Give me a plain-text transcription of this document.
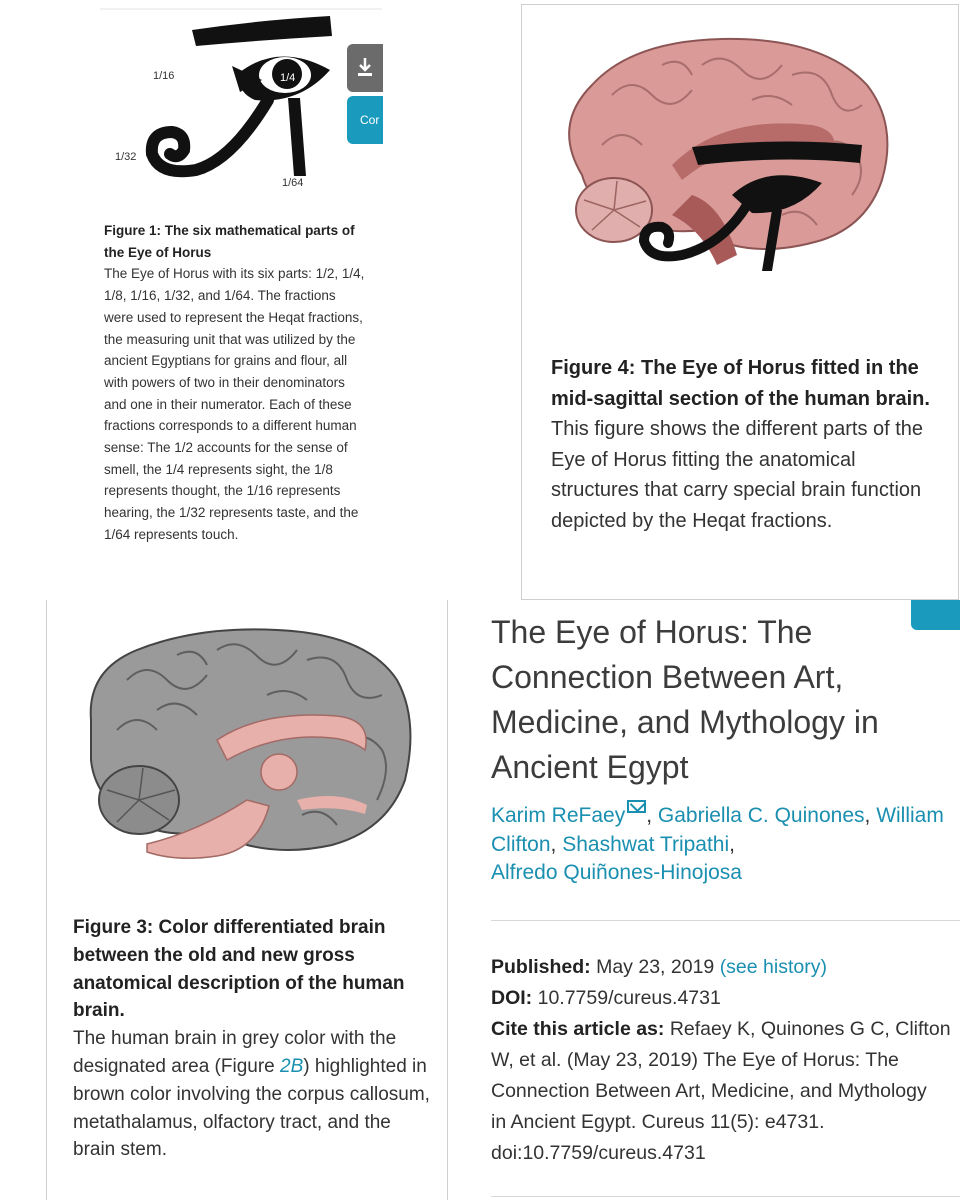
1/16	1/4
1/32
1/64
Cor
Figure 1: The six mathematical parts of the Eye of Horus
The Eye of Horus with its six parts: 1/2, 1/4, 1/8, 1/16, 1/32, and 1/64. The fractions were used to represent the Heqat fractions, the measuring unit that was utilized by the ancient Egyptians for grains and flour, all with powers of two in their denominators and one in their numerator. Each of these fractions corresponds to a different human sense: The 1/2 accounts for the sense of smell, the 1/4 represents sight, the 1/8 represents thought, the 1/16 represents hearing, the 1/32 represents taste, and the 1/64 represents touch.
Figure 4: The Eye of Horus fitted in the mid-sagittal section of the human brain.
This figure shows the different parts of the Eye of Horus fitting the anatomical structures that carry special brain function depicted by the Heqat fractions.
Figure 3: Color differentiated brain between the old and new gross anatomical description of the human brain.
The human brain in grey color with the designated area (Figure 2B) highlighted in brown color involving the corpus callosum, metathalamus, olfactory tract, and the brain stem.
The Eye of Horus: The Connection Between Art, Medicine, and Mythology in Ancient Egypt
Karim ReFaey , Gabriella C. Quinones, William Clifton, Shashwat Tripathi,
Alfredo Quiñones-Hinojosa
Published: May 23, 2019 (see history)
DOI: 10.7759/cureus.4731
Cite this article as: Refaey K, Quinones G C, Clifton
W, et al. (May 23, 2019) The Eye of Horus: The
Connection Between Art, Medicine, and Mythology
in Ancient Egypt. Cureus 11(5): e4731.
doi:10.7759/cureus.4731
